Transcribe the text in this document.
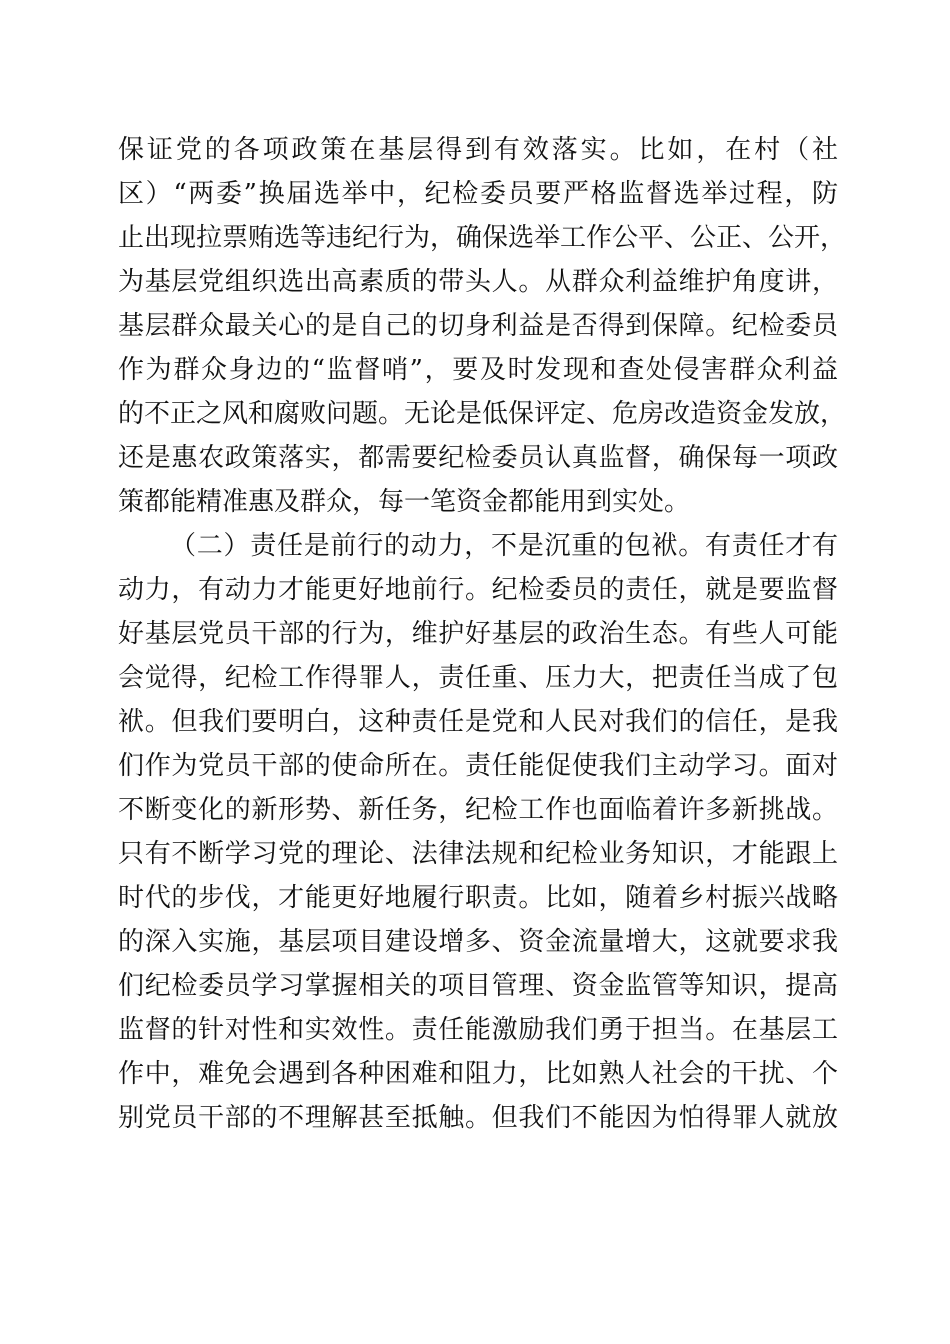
保证党的各项政策在基层得到有效落实。比如，在村（社
区）“两委”换届选举中，纪检委员要严格监督选举过程，防
止出现拉票贿选等违纪行为，确保选举工作公平、公正、公开，
为基层党组织选出高素质的带头人。从群众利益维护角度讲，
基层群众最关心的是自己的切身利益是否得到保障。纪检委员
作为群众身边的“监督哨”，要及时发现和查处侵害群众利益
的不正之风和腐败问题。无论是低保评定、危房改造资金发放，
还是惠农政策落实，都需要纪检委员认真监督，确保每一项政
策都能精准惠及群众，每一笔资金都能用到实处。
（二）责任是前行的动力，不是沉重的包袱。有责任才有
动力，有动力才能更好地前行。纪检委员的责任，就是要监督
好基层党员干部的行为，维护好基层的政治生态。有些人可能
会觉得，纪检工作得罪人，责任重、压力大，把责任当成了包
袱。但我们要明白，这种责任是党和人民对我们的信任，是我
们作为党员干部的使命所在。责任能促使我们主动学习。面对
不断变化的新形势、新任务，纪检工作也面临着许多新挑战。
只有不断学习党的理论、法律法规和纪检业务知识，才能跟上
时代的步伐，才能更好地履行职责。比如，随着乡村振兴战略
的深入实施，基层项目建设增多、资金流量增大，这就要求我
们纪检委员学习掌握相关的项目管理、资金监管等知识，提高
监督的针对性和实效性。责任能激励我们勇于担当。在基层工
作中，难免会遇到各种困难和阻力，比如熟人社会的干扰、个
别党员干部的不理解甚至抵触。但我们不能因为怕得罪人就放
